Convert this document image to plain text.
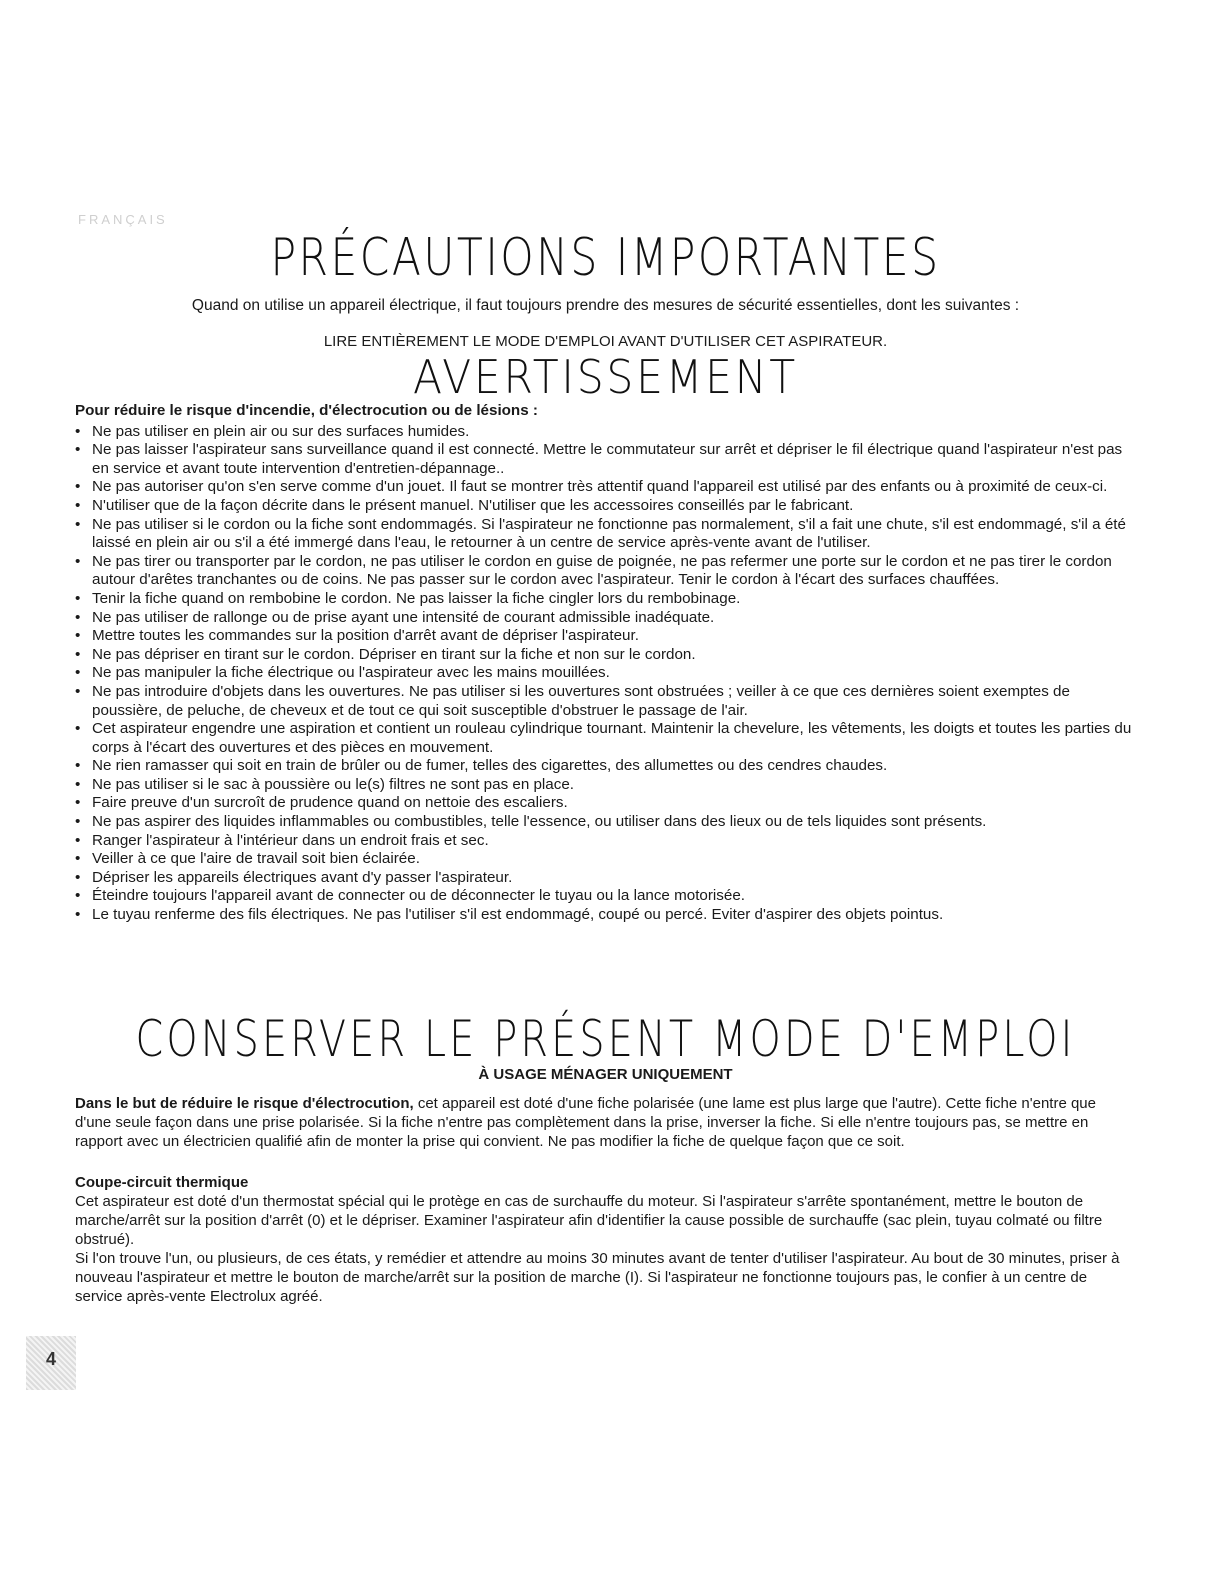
FRANÇAIS
PRÉCAUTIONS IMPORTANTES
Quand on utilise un appareil électrique, il faut toujours prendre des mesures de sécurité essentielles, dont les suivantes :
LIRE ENTIÈREMENT LE MODE D'EMPLOI AVANT D'UTILISER CET ASPIRATEUR.
AVERTISSEMENT

Pour réduire le risque d'incendie, d'électrocution ou de lésions :

• Ne pas utiliser en plein air ou sur des surfaces humides.
• Ne pas laisser l'aspirateur sans surveillance quand il est connecté. Mettre le commutateur sur arrêt et dépriser le fil électrique quand l'aspirateur n'est pas en service et avant toute intervention d'entretien-dépannage..
• Ne pas autoriser qu'on s'en serve comme d'un jouet. Il faut se montrer très attentif quand l'appareil est utilisé par des enfants ou à proximité de ceux-ci.
• N'utiliser que de la façon décrite dans le présent manuel. N'utiliser que les accessoires conseillés par le fabricant.
• Ne pas utiliser si le cordon ou la fiche sont endommagés. Si l'aspirateur ne fonctionne pas normalement, s'il a fait une chute, s'il est endommagé, s'il a été laissé en plein air ou s'il a été immergé dans l'eau, le retourner à un centre de service après-vente avant de l'utiliser.
• Ne pas tirer ou transporter par le cordon, ne pas utiliser le cordon en guise de poignée, ne pas refermer une porte sur le cordon et ne pas tirer le cordon autour d'arêtes tranchantes ou de coins. Ne pas passer sur le cordon avec l'aspirateur. Tenir le cordon à l'écart des surfaces chauffées.
• Tenir la fiche quand on rembobine le cordon. Ne pas laisser la fiche cingler lors du rembobinage.
• Ne pas utiliser de rallonge ou de prise ayant une intensité de courant admissible inadéquate.
• Mettre toutes les commandes sur la position d'arrêt avant de dépriser l'aspirateur.
• Ne pas dépriser en tirant sur le cordon. Dépriser en tirant sur la fiche et non sur le cordon.
• Ne pas manipuler la fiche électrique ou l'aspirateur avec les mains mouillées.
• Ne pas introduire d'objets dans les ouvertures. Ne pas utiliser si les ouvertures sont obstruées ; veiller à ce que ces dernières soient exemptes de poussière, de peluche, de cheveux et de tout ce qui soit susceptible d'obstruer le passage de l'air.
• Cet aspirateur engendre une aspiration et contient un rouleau cylindrique tournant. Maintenir la chevelure, les vêtements, les doigts et toutes les parties du corps à l'écart des ouvertures et des pièces en mouvement.
• Ne rien ramasser qui soit en train de brûler ou de fumer, telles des cigarettes, des allumettes ou des cendres chaudes.
• Ne pas utiliser si le sac à poussière ou le(s) filtres ne sont pas en place.
• Faire preuve d'un surcroît de prudence quand on nettoie des escaliers.
• Ne pas aspirer des liquides inflammables ou combustibles, telle l'essence, ou utiliser dans des lieux ou de tels liquides sont présents.
• Ranger l'aspirateur à l'intérieur dans un endroit frais et sec.
• Veiller à ce que l'aire de travail soit bien éclairée.
• Dépriser les appareils électriques avant d'y passer l'aspirateur.
• Éteindre toujours l'appareil avant de connecter ou de déconnecter le tuyau ou la lance motorisée.
• Le tuyau renferme des fils électriques. Ne pas l'utiliser s'il est endommagé, coupé ou percé. Eviter d'aspirer des objets pointus.
CONSERVER LE PRÉSENT MODE D'EMPLOI
À USAGE MÉNAGER UNIQUEMENT
Dans le but de réduire le risque d'électrocution, cet appareil est doté d'une fiche polarisée (une lame est plus large que l'autre). Cette fiche n'entre que d'une seule façon dans une prise polarisée. Si la fiche n'entre pas complètement dans la prise, inverser la fiche. Si elle n'entre toujours pas, se mettre en rapport avec un électricien qualifié afin de monter la prise qui convient. Ne pas modifier la fiche de quelque façon que ce soit.
Coupe-circuit thermique

Cet aspirateur est doté d'un thermostat spécial qui le protège en cas de surchauffe du moteur. Si l'aspirateur s'arrête spontanément, mettre le bouton de marche/arrêt sur la position d'arrêt (0) et le dépriser. Examiner l'aspirateur afin d'identifier la cause possible de surchauffe (sac plein, tuyau colmaté ou filtre obstrué).

Si l'on trouve l'un, ou plusieurs, de ces états, y remédier et attendre au moins 30 minutes avant de tenter d'utiliser l'aspirateur. Au bout de 30 minutes, priser à nouveau l'aspirateur et mettre le bouton de marche/arrêt sur la position de marche (I). Si l'aspirateur ne fonctionne toujours pas, le confier à un centre de service après-vente Electrolux agréé.

4
